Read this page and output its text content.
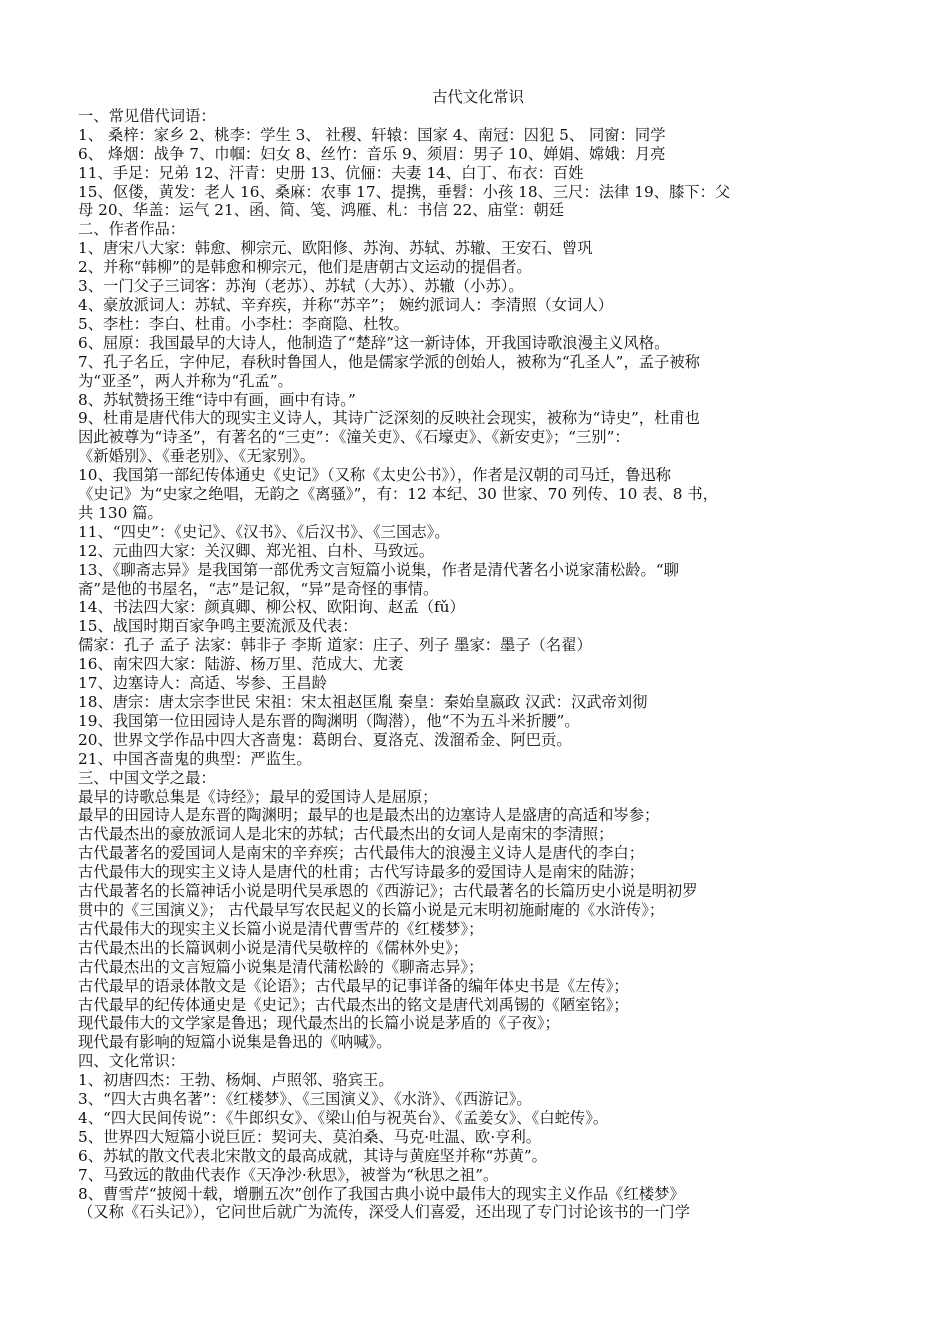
古代文化常识
一、常见借代词语：
1、 桑梓：家乡 2、桃李：学生 3、 社稷、轩辕：国家 4、南冠：囚犯 5、 同窗：同学
6、 烽烟：战争 7、巾帼：妇女 8、丝竹：音乐 9、须眉：男子 10、婵娟、嫦娥：月亮
11、手足：兄弟 12、汗青：史册 13、伉俪：夫妻 14、白丁、布衣：百姓
15、伛偻，黄发：老人 16、桑麻：农事 17、提携，垂髫：小孩 18、三尺：法律 19、膝下：父
母 20、华盖：运气 21、函、简、笺、鸿雁、札：书信 22、庙堂：朝廷
二、作者作品：
1、唐宋八大家：韩愈、柳宗元、欧阳修、苏洵、苏轼、苏辙、王安石、曾巩
2、并称“韩柳”的是韩愈和柳宗元，他们是唐朝古文运动的提倡者。
3、一门父子三词客：苏洵（老苏）、苏轼（大苏）、苏辙（小苏）。
4、豪放派词人：苏轼、辛弃疾，并称“苏辛”； 婉约派词人：李清照（女词人）
5、李杜：李白、杜甫。小李杜：李商隐、杜牧。
6、屈原：我国最早的大诗人，他制造了“楚辞”这一新诗体，开我国诗歌浪漫主义风格。
7、孔子名丘，字仲尼，春秋时鲁国人，他是儒家学派的创始人，被称为“孔圣人”，孟子被称
为“亚圣”，两人并称为“孔孟”。
8、苏轼赞扬王维“诗中有画，画中有诗。”
9、杜甫是唐代伟大的现实主义诗人，其诗广泛深刻的反映社会现实，被称为“诗史”，杜甫也
因此被尊为“诗圣”，有著名的“三吏”：《潼关吏》、《石壕吏》、《新安吏》；“三别”：
《新婚别》、《垂老别》、《无家别》。
10、我国第一部纪传体通史《史记》（又称《太史公书》），作者是汉朝的司马迁，鲁迅称
《史记》为“史家之绝唱，无韵之《离骚》”，有：12 本纪、30 世家、70 列传、10 表、8 书，
共 130 篇。
11、“四史”：《史记》、《汉书》、《后汉书》、《三国志》。
12、元曲四大家：关汉卿、郑光祖、白朴、马致远。
13、《聊斋志异》是我国第一部优秀文言短篇小说集，作者是清代著名小说家蒲松龄。“聊
斋”是他的书屋名，“志”是记叙，“异”是奇怪的事情。
14、书法四大家：颜真卿、柳公权、欧阳询、赵孟（fǔ）
15、战国时期百家争鸣主要流派及代表：
儒家：孔子 孟子 法家：韩非子 李斯 道家：庄子、列子 墨家：墨子（名翟）
16、南宋四大家：陆游、杨万里、范成大、尤袤
17、边塞诗人：高适、岑参、王昌龄
18、唐宗：唐太宗李世民 宋祖：宋太祖赵匡胤 秦皇：秦始皇嬴政 汉武：汉武帝刘彻
19、我国第一位田园诗人是东晋的陶渊明（陶潜），他“不为五斗米折腰”。
20、世界文学作品中四大吝啬鬼：葛朗台、夏洛克、泼溜希金、阿巴贡。
21、中国吝啬鬼的典型：严监生。
三、中国文学之最：
最早的诗歌总集是《诗经》；最早的爱国诗人是屈原；
最早的田园诗人是东晋的陶渊明；最早的也是最杰出的边塞诗人是盛唐的高适和岑参；
古代最杰出的豪放派词人是北宋的苏轼；古代最杰出的女词人是南宋的李清照；
古代最著名的爱国词人是南宋的辛弃疾；古代最伟大的浪漫主义诗人是唐代的李白；
古代最伟大的现实主义诗人是唐代的杜甫；古代写诗最多的爱国诗人是南宋的陆游；
古代最著名的长篇神话小说是明代吴承恩的《西游记》；古代最著名的长篇历史小说是明初罗
贯中的《三国演义》； 古代最早写农民起义的长篇小说是元末明初施耐庵的《水浒传》；
古代最伟大的现实主义长篇小说是清代曹雪芹的《红楼梦》；
古代最杰出的长篇讽刺小说是清代吴敬梓的《儒林外史》；
古代最杰出的文言短篇小说集是清代蒲松龄的《聊斋志异》；
古代最早的语录体散文是《论语》；古代最早的记事详备的编年体史书是《左传》；
古代最早的纪传体通史是《史记》；古代最杰出的铭文是唐代刘禹锡的《陋室铭》；
现代最伟大的文学家是鲁迅；现代最杰出的长篇小说是茅盾的《子夜》；
现代最有影响的短篇小说集是鲁迅的《呐喊》。
四、文化常识：
1、初唐四杰：王勃、杨炯、卢照邻、骆宾王。
3、“四大古典名著”：《红楼梦》、《三国演义》、《水浒》、《西游记》。
4、“四大民间传说”：《牛郎织女》、《梁山伯与祝英台》、《孟姜女》、《白蛇传》。
5、世界四大短篇小说巨匠：契诃夫、莫泊桑、马克·吐温、欧·亨利。
6、苏轼的散文代表北宋散文的最高成就，其诗与黄庭坚并称“苏黄”。
7、马致远的散曲代表作《天净沙·秋思》，被誉为“秋思之祖”。
8、曹雪芹“披阅十载，增删五次”创作了我国古典小说中最伟大的现实主义作品《红楼梦》
（又称《石头记》），它问世后就广为流传，深受人们喜爱，还出现了专门讨论该书的一门学
